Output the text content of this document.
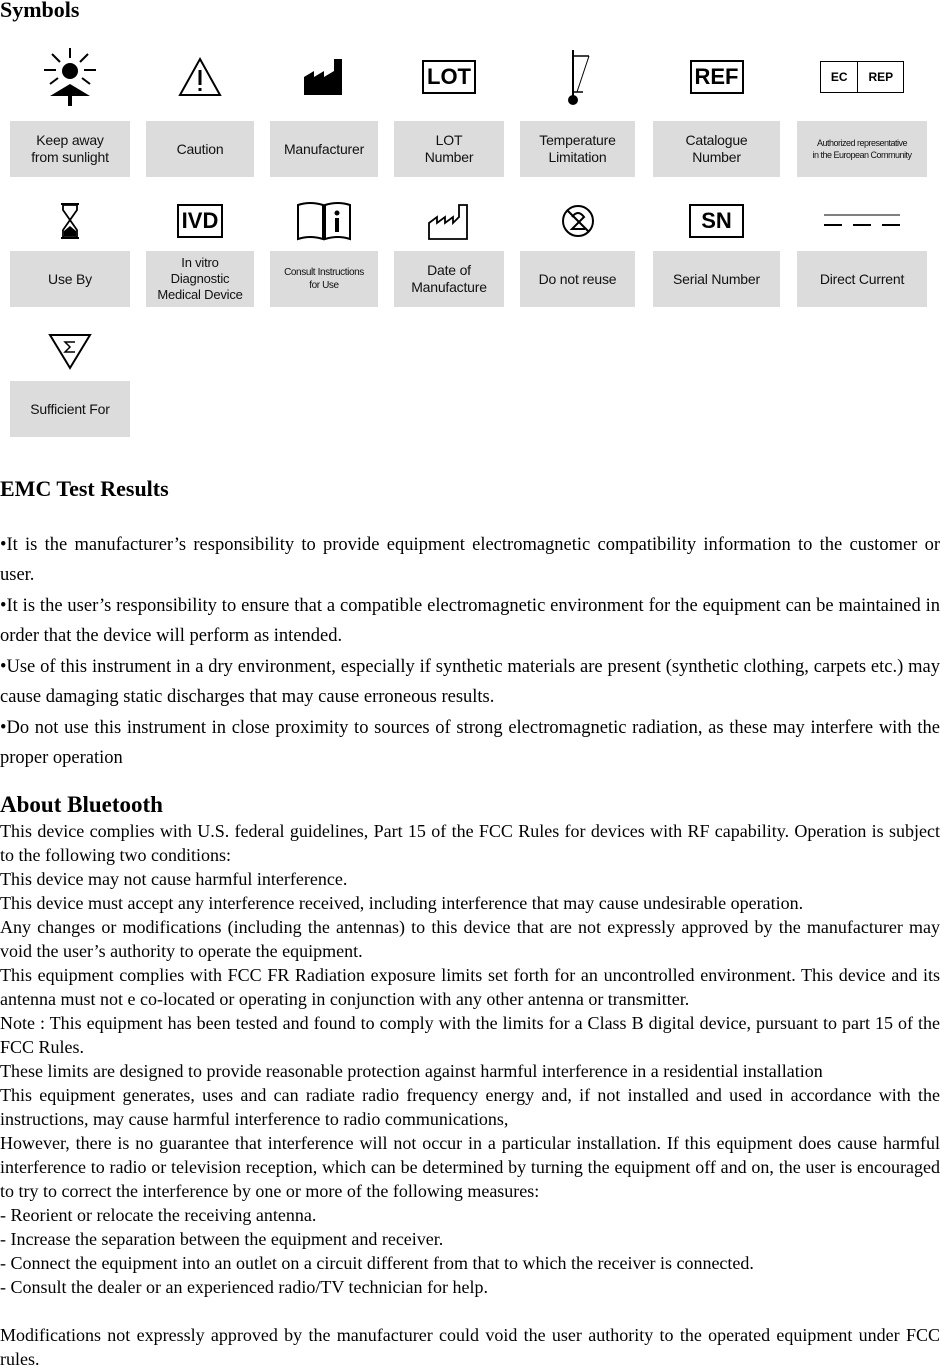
Symbols
Keep away
from sunlight
Caution	Manufacturer
LOT
LOT
Number
Temperature
Limitation
REF
Catalogue
Number
EC	REP
Authorized representative
in the European Community
Use By
IVD
In vitro
Diagnostic
Medical Device
Consult Instructions
for Use
Date of
Manufacture
Do not reuse
SN
Serial Number	Direct Current
Sufficient For
EMC Test Results

•It is the manufacturer’s responsibility to provide equipment electromagnetic compatibility information to the customer or user.

•It is the user’s responsibility to ensure that a compatible electromagnetic environment for the equipment can be maintained in order that the device will perform as intended.

•Use of this instrument in a dry environment, especially if synthetic materials are present (synthetic clothing, carpets etc.) may cause damaging static discharges that may cause erroneous results.

•Do not use this instrument in close proximity to sources of strong electromagnetic radiation, as these may interfere with the proper operation

About Bluetooth

This device complies with U.S. federal guidelines, Part 15 of the FCC Rules for devices with RF capability. Operation is subject to the following two conditions:

This device may not cause harmful interference.

This device must accept any interference received, including interference that may cause undesirable operation.

Any changes or modifications (including the antennas) to this device that are not expressly approved by the manufacturer may void the user’s authority to operate the equipment.

This equipment complies with FCC FR Radiation exposure limits set forth for an uncontrolled environment. This device and its antenna must not e co-located or operating in conjunction with any other antenna or transmitter.

Note : This equipment has been tested and found to comply with the limits for a Class B digital device, pursuant to part 15 of the FCC Rules.

These limits are designed to provide reasonable protection against harmful interference in a residential installation

This equipment generates, uses and can radiate radio frequency energy and, if not installed and used in accordance with the instructions, may cause harmful interference to radio communications,

However, there is no guarantee that interference will not occur in a particular installation. If this equipment does cause harmful interference to radio or television reception, which can be determined by turning the equipment off and on, the user is encouraged to try to correct the interference by one or more of the following measures:

- Reorient or relocate the receiving antenna.

- Increase the separation between the equipment and receiver.

- Connect the equipment into an outlet on a circuit different from that to which the receiver is connected.

- Consult the dealer or an experienced radio/TV technician for help.

Modifications not expressly approved by the manufacturer could void the user authority to the operated equipment under FCC rules.
